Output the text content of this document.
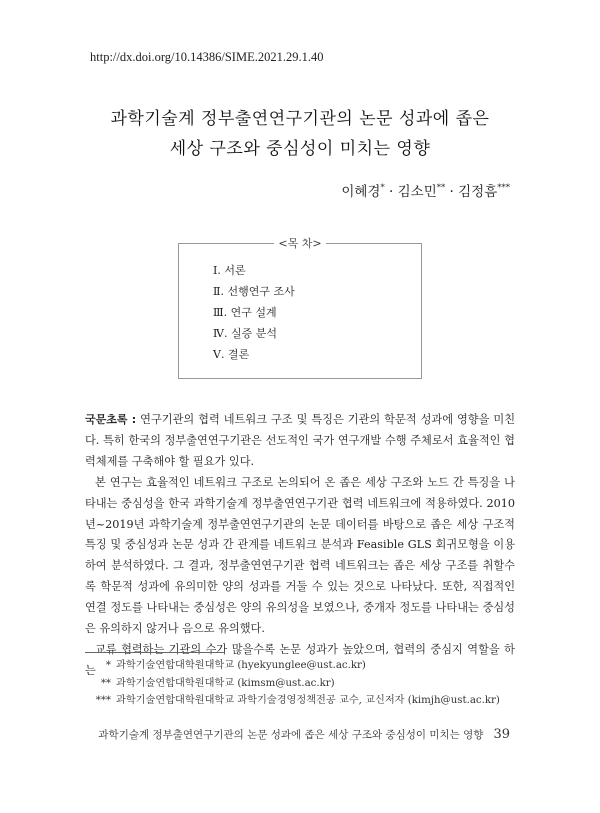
http://dx.doi.org/10.14386/SIME.2021.29.1.40
과학기술계 정부출연연구기관의 논문 성과에 좁은
세상 구조와 중심성이 미치는 영향
이혜경* · 김소민** · 김정흠***
<목 차>
Ⅰ. 서론
Ⅱ. 선행연구 조사
Ⅲ. 연구 설계
Ⅳ. 실증 분석
Ⅴ. 결론

국문초록 : 연구기관의 협력 네트워크 구조 및 특징은 기관의 학문적 성과에 영향을 미친다. 특히 한국의 정부출연연구기관은 선도적인 국가 연구개발 수행 주체로서 효율적인 협력체제를 구축해야 할 필요가 있다.

본 연구는 효율적인 네트워크 구조로 논의되어 온 좁은 세상 구조와 노드 간 특징을 나타내는 중심성을 한국 과학기술계 정부출연연구기관 협력 네트워크에 적용하였다. 2010년~2019년 과학기술계 정부출연연구기관의 논문 데이터를 바탕으로 좁은 세상 구조적 특징 및 중심성과 논문 성과 간 관계를 네트워크 분석과 Feasible GLS 회귀모형을 이용하여 분석하였다. 그 결과, 정부출연연구기관 협력 네트워크는 좁은 세상 구조를 취할수록 학문적 성과에 유의미한 양의 성과를 거둘 수 있는 것으로 나타났다. 또한, 직접적인 연결 정도를 나타내는 중심성은 양의 유의성을 보였으나, 중개자 정도를 나타내는 중심성은 유의하지 않거나 음으로 유의했다.

교류 협력하는 기관의 수가 많을수록 논문 성과가 높았으며, 협력의 중심지 역할을 하는 * 과학기술연합대학원대학교 (hyekyunglee@ust.ac.kr)
** 과학기술연합대학원대학교 (kimsm@ust.ac.kr)
*** 과학기술연합대학원대학교 과학기술경영정책전공 교수, 교신저자 (kimjh@ust.ac.kr)
과학기술계 정부출연연구기관의 논문 성과에 좁은 세상 구조와 중심성이 미치는 영향 39
